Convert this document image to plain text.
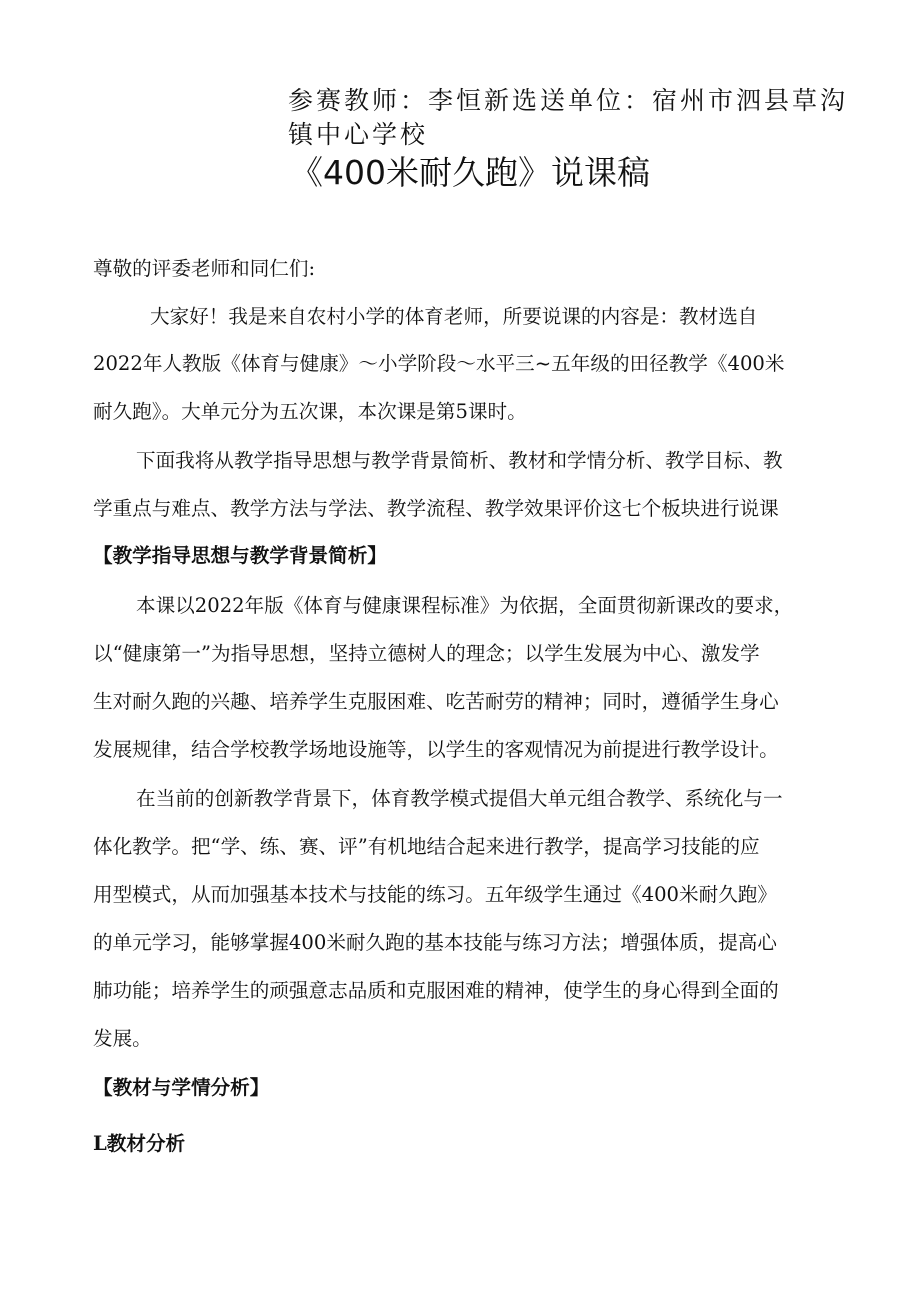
参赛教师：李恒新选送单位：宿州市泗县草沟
镇中心学校
《400米耐久跑》说课稿
尊敬的评委老师和同仁们:
大家好！我是来自农村小学的体育老师，所要说课的内容是：教材选自
2022年人教版《体育与健康》～小学阶段～水平三~五年级的田径教学《400米
耐久跑》。大单元分为五次课，本次课是第5课时。
下面我将从教学指导思想与教学背景简析、教材和学情分析、教学目标、教
学重点与难点、教学方法与学法、教学流程、教学效果评价这七个板块进行说课
【教学指导思想与教学背景简析】
本课以2022年版《体育与健康课程标准》为依据，全面贯彻新课改的要求，
以“健康第一”为指导思想，坚持立德树人的理念；以学生发展为中心、激发学
生对耐久跑的兴趣、培养学生克服困难、吃苦耐劳的精神；同时，遵循学生身心
发展规律，结合学校教学场地设施等，以学生的客观情况为前提进行教学设计。
在当前的创新教学背景下，体育教学模式提倡大单元组合教学、系统化与一
体化教学。把“学、练、赛、评”有机地结合起来进行教学，提高学习技能的应
用型模式，从而加强基本技术与技能的练习。五年级学生通过《400米耐久跑》
的单元学习，能够掌握400米耐久跑的基本技能与练习方法；增强体质，提高心
肺功能；培养学生的顽强意志品质和克服困难的精神，使学生的身心得到全面的
发展。
【教材与学情分析】
L教材分析
